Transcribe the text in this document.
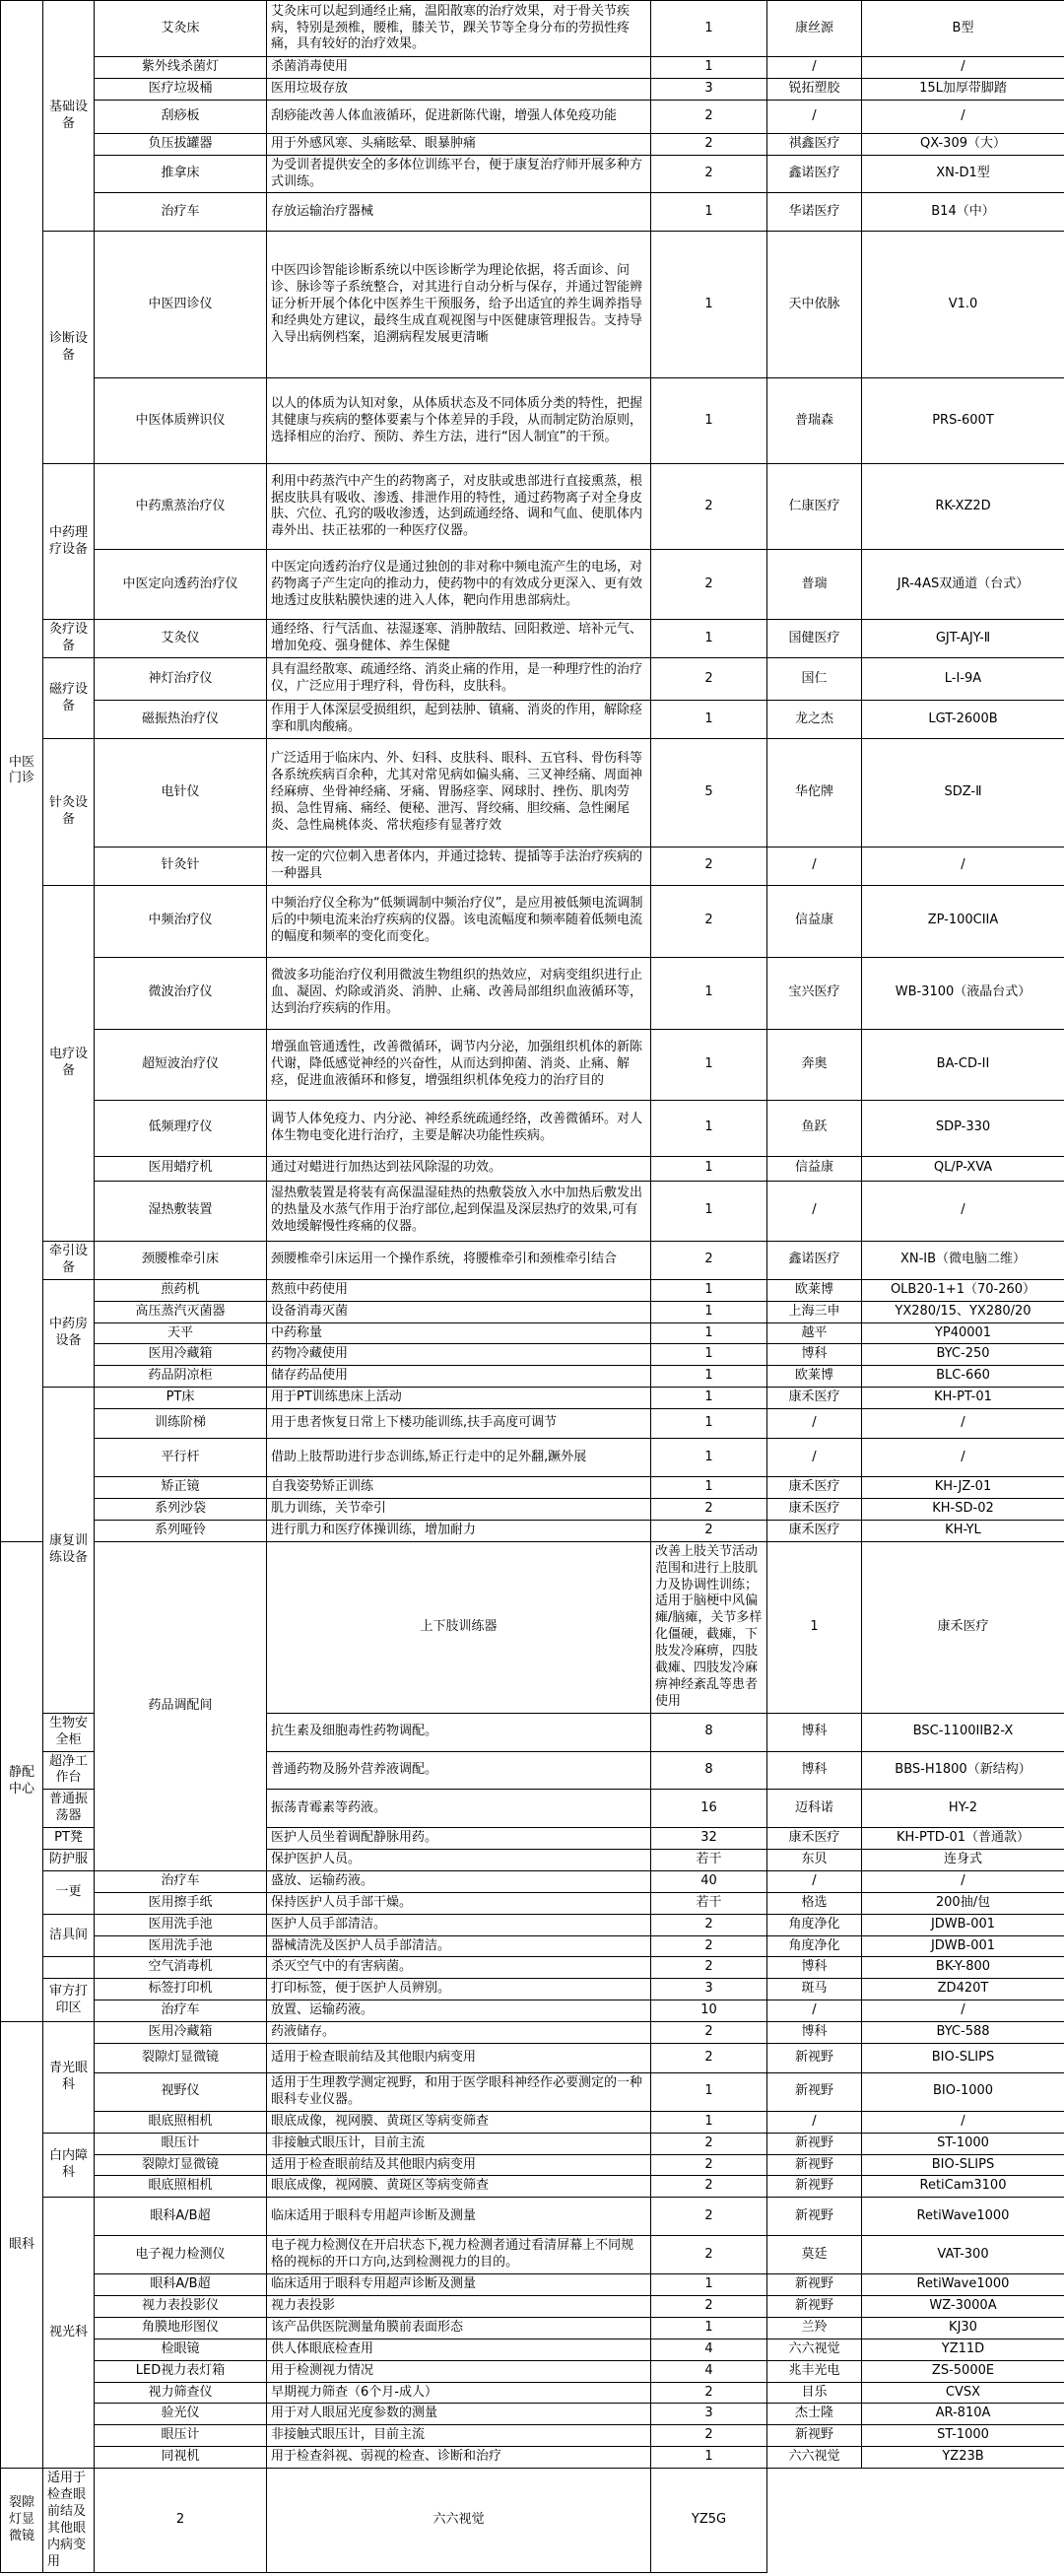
中医门诊	基础设备	艾灸床	艾灸床可以起到通经止痛，温阳散寒的治疗效果，对于骨关节疾病，特别是颈椎，腰椎，膝关节，踝关节等全身分布的劳损性疼痛，具有较好的治疗效果。	1	康丝源	B型	
		紫外线杀菌灯	杀菌消毒使用	1	/	/	
		医疗垃圾桶	医用垃圾存放	3	锐拓塑胶	15L加厚带脚踏	
		刮痧板	刮痧能改善人体血液循环，促进新陈代谢，增强人体免疫功能	2	/	/	
		负压拔罐器	用于外感风寒、头痛眩晕、眼暴肿痛	2	祺鑫医疗	QX-309（大）	
		推拿床	为受训者提供安全的多体位训练平台，便于康复治疗师开展多种方式训练。	2	鑫诺医疗	XN-D1型	
		治疗车	存放运输治疗器械	1	华诺医疗	B14（中）	
	诊断设备	中医四诊仪	中医四诊智能诊断系统以中医诊断学为理论依据，将舌面诊、问诊、脉诊等子系统整合，对其进行自动分析与保存，并通过智能辨证分析开展个体化中医养生干预服务，给予出适宜的养生调养指导和经典处方建议，最终生成直观视图与中医健康管理报告。支持导入导出病例档案，追溯病程发展更清晰	1	天中依脉	V1.0	
		中医体质辨识仪	以人的体质为认知对象，从体质状态及不同体质分类的特性，把握其健康与疾病的整体要素与个体差异的手段，从而制定防治原则，选择相应的治疗、预防、养生方法，进行“因人制宜”的干预。	1	普瑞森	PRS-600T	
	中药理疗设备	中药熏蒸治疗仪	利用中药蒸汽中产生的药物离子，对皮肤或患部进行直接熏蒸，根据皮肤具有吸收、渗透、排泄作用的特性，通过药物离子对全身皮肤、穴位、孔窍的吸收渗透，达到疏通经络、调和气血、使肌体内毒外出、扶正祛邪的一种医疗仪器。	2	仁康医疗	RK-XZ2D	
		中医定向透药治疗仪	中医定向透药治疗仪是通过独创的非对称中频电流产生的电场，对药物离子产生定向的推动力，使药物中的有效成分更深入、更有效地透过皮肤粘膜快速的进入人体，靶向作用患部病灶。	2	普瑞	JR-4AS双通道（台式）	
	灸疗设备	艾灸仪	通经络、行气活血、祛湿逐寒、消肿散结、回阳救逆、培补元气、增加免疫、强身健体、养生保健	1	国健医疗	GJT-AJY-Ⅱ	
	磁疗设备	神灯治疗仪	具有温经散寒、疏通经络、消炎止痛的作用，是一种理疗性的治疗仪，广泛应用于理疗科，骨伤科，皮肤科。	2	国仁	L-I-9A	
		磁振热治疗仪	作用于人体深层受损组织，起到祛肿、镇痛、消炎的作用，解除痉挛和肌肉酸痛。	1	龙之杰	LGT-2600B	
	针灸设备	电针仪	广泛适用于临床内、外、妇科、皮肤科、眼科、五官科、骨伤科等各系统疾病百余种，尤其对常见病如偏头痛、三叉神经痛、周面神经麻痹、坐骨神经痛、牙痛、胃肠痉挛、网球肘、挫伤、肌肉劳损、急性胃痛、痛经、便秘、泄泻、肾绞痛、胆绞痛、急性阑尾炎、急性扁桃体炎、常状疱疹有显著疗效	5	华佗牌	SDZ-Ⅱ	
		针灸针	按一定的穴位刺入患者体内，并通过捻转、提插等手法治疗疾病的一种器具	2	/	/	
	电疗设备	中频治疗仪	中频治疗仪全称为“低频调制中频治疗仪”，是应用被低频电流调制后的中频电流来治疗疾病的仪器。该电流幅度和频率随着低频电流的幅度和频率的变化而变化。	2	信益康	ZP-100CIIA	
		微波治疗仪	微波多功能治疗仪利用微波生物组织的热效应，对病变组织进行止血、凝固、灼除或消炎、消肿、止痛、改善局部组织血液循环等，达到治疗疾病的作用。	1	宝兴医疗	WB-3100（液晶台式）	
		超短波治疗仪	增强血管通透性，改善微循环，调节内分泌，加强组织机体的新陈代谢，降低感觉神经的兴奋性，从而达到抑菌、消炎、止痛、解痉，促进血液循环和修复，增强组织机体免疫力的治疗目的	1	奔奥	BA-CD-II	
		低频理疗仪	调节人体免疫力、内分泌、神经系统疏通经络，改善微循环。对人体生物电变化进行治疗，主要是解决功能性疾病。	1	鱼跃	SDP-330	
		医用蜡疗机	通过对蜡进行加热达到祛风除湿的功效。	1	信益康	QL/P-XVA	
		湿热敷装置	湿热敷装置是将装有高保温湿硅热的热敷袋放入水中加热后敷发出的热量及水蒸气作用于治疗部位,起到保温及深层热疗的效果,可有效地缓解慢性疼痛的仪器。	1	/	/	
	牵引设备	颈腰椎牵引床	颈腰椎牵引床运用一个操作系统，将腰椎牵引和颈椎牵引结合	2	鑫诺医疗	XN-IB（微电脑二维）	
	中药房设备	煎药机	熬煎中药使用	1	欧莱博	OLB20-1+1（70-260）	
		高压蒸汽灭菌器	设备消毒灭菌	1	上海三申	YX280/15、YX280/20	
		天平	中药称量	1	越平	YP40001	
		医用冷藏箱	药物冷藏使用	1	博科	BYC-250	
		药品阴凉柜	储存药品使用	1	欧莱博	BLC-660	
	康复训练设备	PT床	用于PT训练患床上活动	1	康禾医疗	KH-PT-01	
		训练阶梯	用于患者恢复日常上下楼功能训练,扶手高度可调节	1	/	/	
		平行杆	借助上肢帮助进行步态训练,矫正行走中的足外翻,蹶外展	1	/	/	
		矫正镜	自我姿势矫正训练	1	康禾医疗	KH-JZ-01	
		系列沙袋	肌力训练，关节牵引	2	康禾医疗	KH-SD-02	
		系列哑铃	进行肌力和医疗体操训练，增加耐力	2	康禾医疗	KH-YL	
静配中心		药品调配间	上下肢训练器	改善上肢关节活动范围和进行上肢肌力及协调性训练；适用于脑梗中风偏瘫/脑瘫，关节多样化僵硬，截瘫，下肢发冷麻痹，四肢截瘫、四肢发冷麻痹神经紊乱等患者使用	1	康禾医疗	
	生物安全柜		抗生素及细胞毒性药物调配。	8	博科	BSC-1100IIB2-X	
	超净工作台		普通药物及肠外营养液调配。	8	博科	BBS-H1800（新结构）	
	普通振荡器		振荡青霉素等药液。	16	迈科诺	HY-2	
	PT凳		医护人员坐着调配静脉用药。	32	康禾医疗	KH-PTD-01（普通款）	
	防护服		保护医护人员。	若干	东贝	连身式	
	一更	治疗车	盛放、运输药液。	40	/	/	
		医用擦手纸	保持医护人员手部干燥。	若干	格选	200抽/包	
	洁具间	医用洗手池	医护人员手部清洁。	2	角度净化	JDWB-001	
		医用洗手池	器械清洗及医护人员手部清洁。	2	角度净化	JDWB-001	
		空气消毒机	杀灭空气中的有害病菌。	2	博科	BK-Y-800	
	审方打印区	标签打印机	打印标签，便于医护人员辨别。	3	斑马	ZD420T	
		治疗车	放置、运输药液。	10	/	/	
眼科	青光眼科	医用冷藏箱	药液储存。	2	博科	BYC-588	
		裂隙灯显微镜	适用于检查眼前结及其他眼内病变用	2	新视野	BIO-SLIPS	
		视野仪	适用于生理教学测定视野，和用于医学眼科神经作必要测定的一种眼科专业仪器。	1	新视野	BIO-1000	
		眼底照相机	眼底成像，视网膜、黄斑区等病变筛查	1	/	/	
	白内障科	眼压计	非接触式眼压计，目前主流	2	新视野	ST-1000	
		裂隙灯显微镜	适用于检查眼前结及其他眼内病变用	2	新视野	BIO-SLIPS	
		眼底照相机	眼底成像，视网膜、黄斑区等病变筛查	2	新视野	RetiCam3100	
	视光科	眼科A/B超	临床适用于眼科专用超声诊断及测量	2	新视野	RetiWave1000	
		电子视力检测仪	电子视力检测仪在开启状态下,视力检测者通过看清屏幕上不同规格的视标的开口方向,达到检测视力的目的。	2	莫廷	VAT-300	
		眼科A/B超	临床适用于眼科专用超声诊断及测量	1	新视野	RetiWave1000	
		视力表投影仪	视力表投影	2	新视野	WZ-3000A	
		角膜地形图仪	该产品供医院测量角膜前表面形态	1	兰羚	KJ30	
		检眼镜	供人体眼底检查用	4	六六视觉	YZ11D	
		LED视力表灯箱	用于检测视力情况	4	兆丰光电	ZS-5000E	
		视力筛查仪	早期视力筛查（6个月-成人）	2	目乐	CVSX	
		验光仪	用于对人眼屈光度参数的测量	3	杰士隆	AR-810A	
		眼压计	非接触式眼压计，目前主流	2	新视野	ST-1000	
		同视机	用于检查斜视、弱视的检查、诊断和治疗	1	六六视觉	YZ23B	
裂隙灯显微镜	适用于检查眼前结及其他眼内病变用	2	六六视觉	YZ5G			
